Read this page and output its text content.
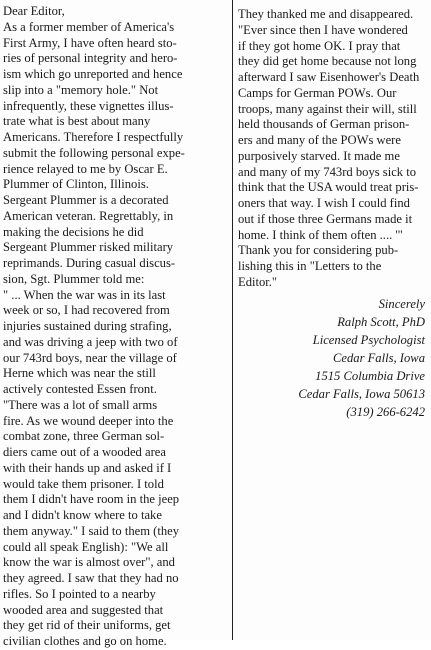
Dear Editor,
As a former member of America's
First Army, I have often heard sto-
ries of personal integrity and hero-
ism which go unreported and hence
slip into a "memory hole." Not
infrequently, these vignettes illus-
trate what is best about many
Americans. Therefore I respectfully
submit the following personal expe-
rience relayed to me by Oscar E.
Plummer of Clinton, Illinois.
Sergeant Plummer is a decorated
American veteran. Regrettably, in
making the decisions he did
Sergeant Plummer risked military
reprimands. During casual discus-
sion, Sgt. Plummer told me:
" ... When the war was in its last
week or so, I had recovered from
injuries sustained during strafing,
and was driving a jeep with two of
our 743rd boys, near the village of
Herne which was near the still
actively contested Essen front.
"There was a lot of small arms
fire. As we wound deeper into the
combat zone, three German sol-
diers came out of a wooded area
with their hands up and asked if I
would take them prisoner. I told
them I didn't have room in the jeep
and I didn't know where to take
them anyway." I said to them (they
could all speak English): "We all
know the war is almost over", and
they agreed. I saw that they had no
rifles. So I pointed to a nearby
wooded area and suggested that
they get rid of their uniforms, get
civilian clothes and go on home.
They thanked me and disappeared.
"Ever since then I have wondered
if they got home OK. I pray that
they did get home because not long
afterward I saw Eisenhower's Death
Camps for German POWs. Our
troops, many against their will, still
held thousands of German prison-
ers and many of the POWs were
purposively starved. It made me
and many of my 743rd boys sick to
think that the USA would treat pris-
oners that way. I wish I could find
out if those three Germans made it
home. I think of them often .... '"
Thank you for considering pub-
lishing this in "Letters to the
Editor."
Sincerely
Ralph Scott, PhD
Licensed Psychologist
Cedar Falls, Iowa
1515 Columbia Drive
Cedar Falls, Iowa 50613
(319) 266-6242
